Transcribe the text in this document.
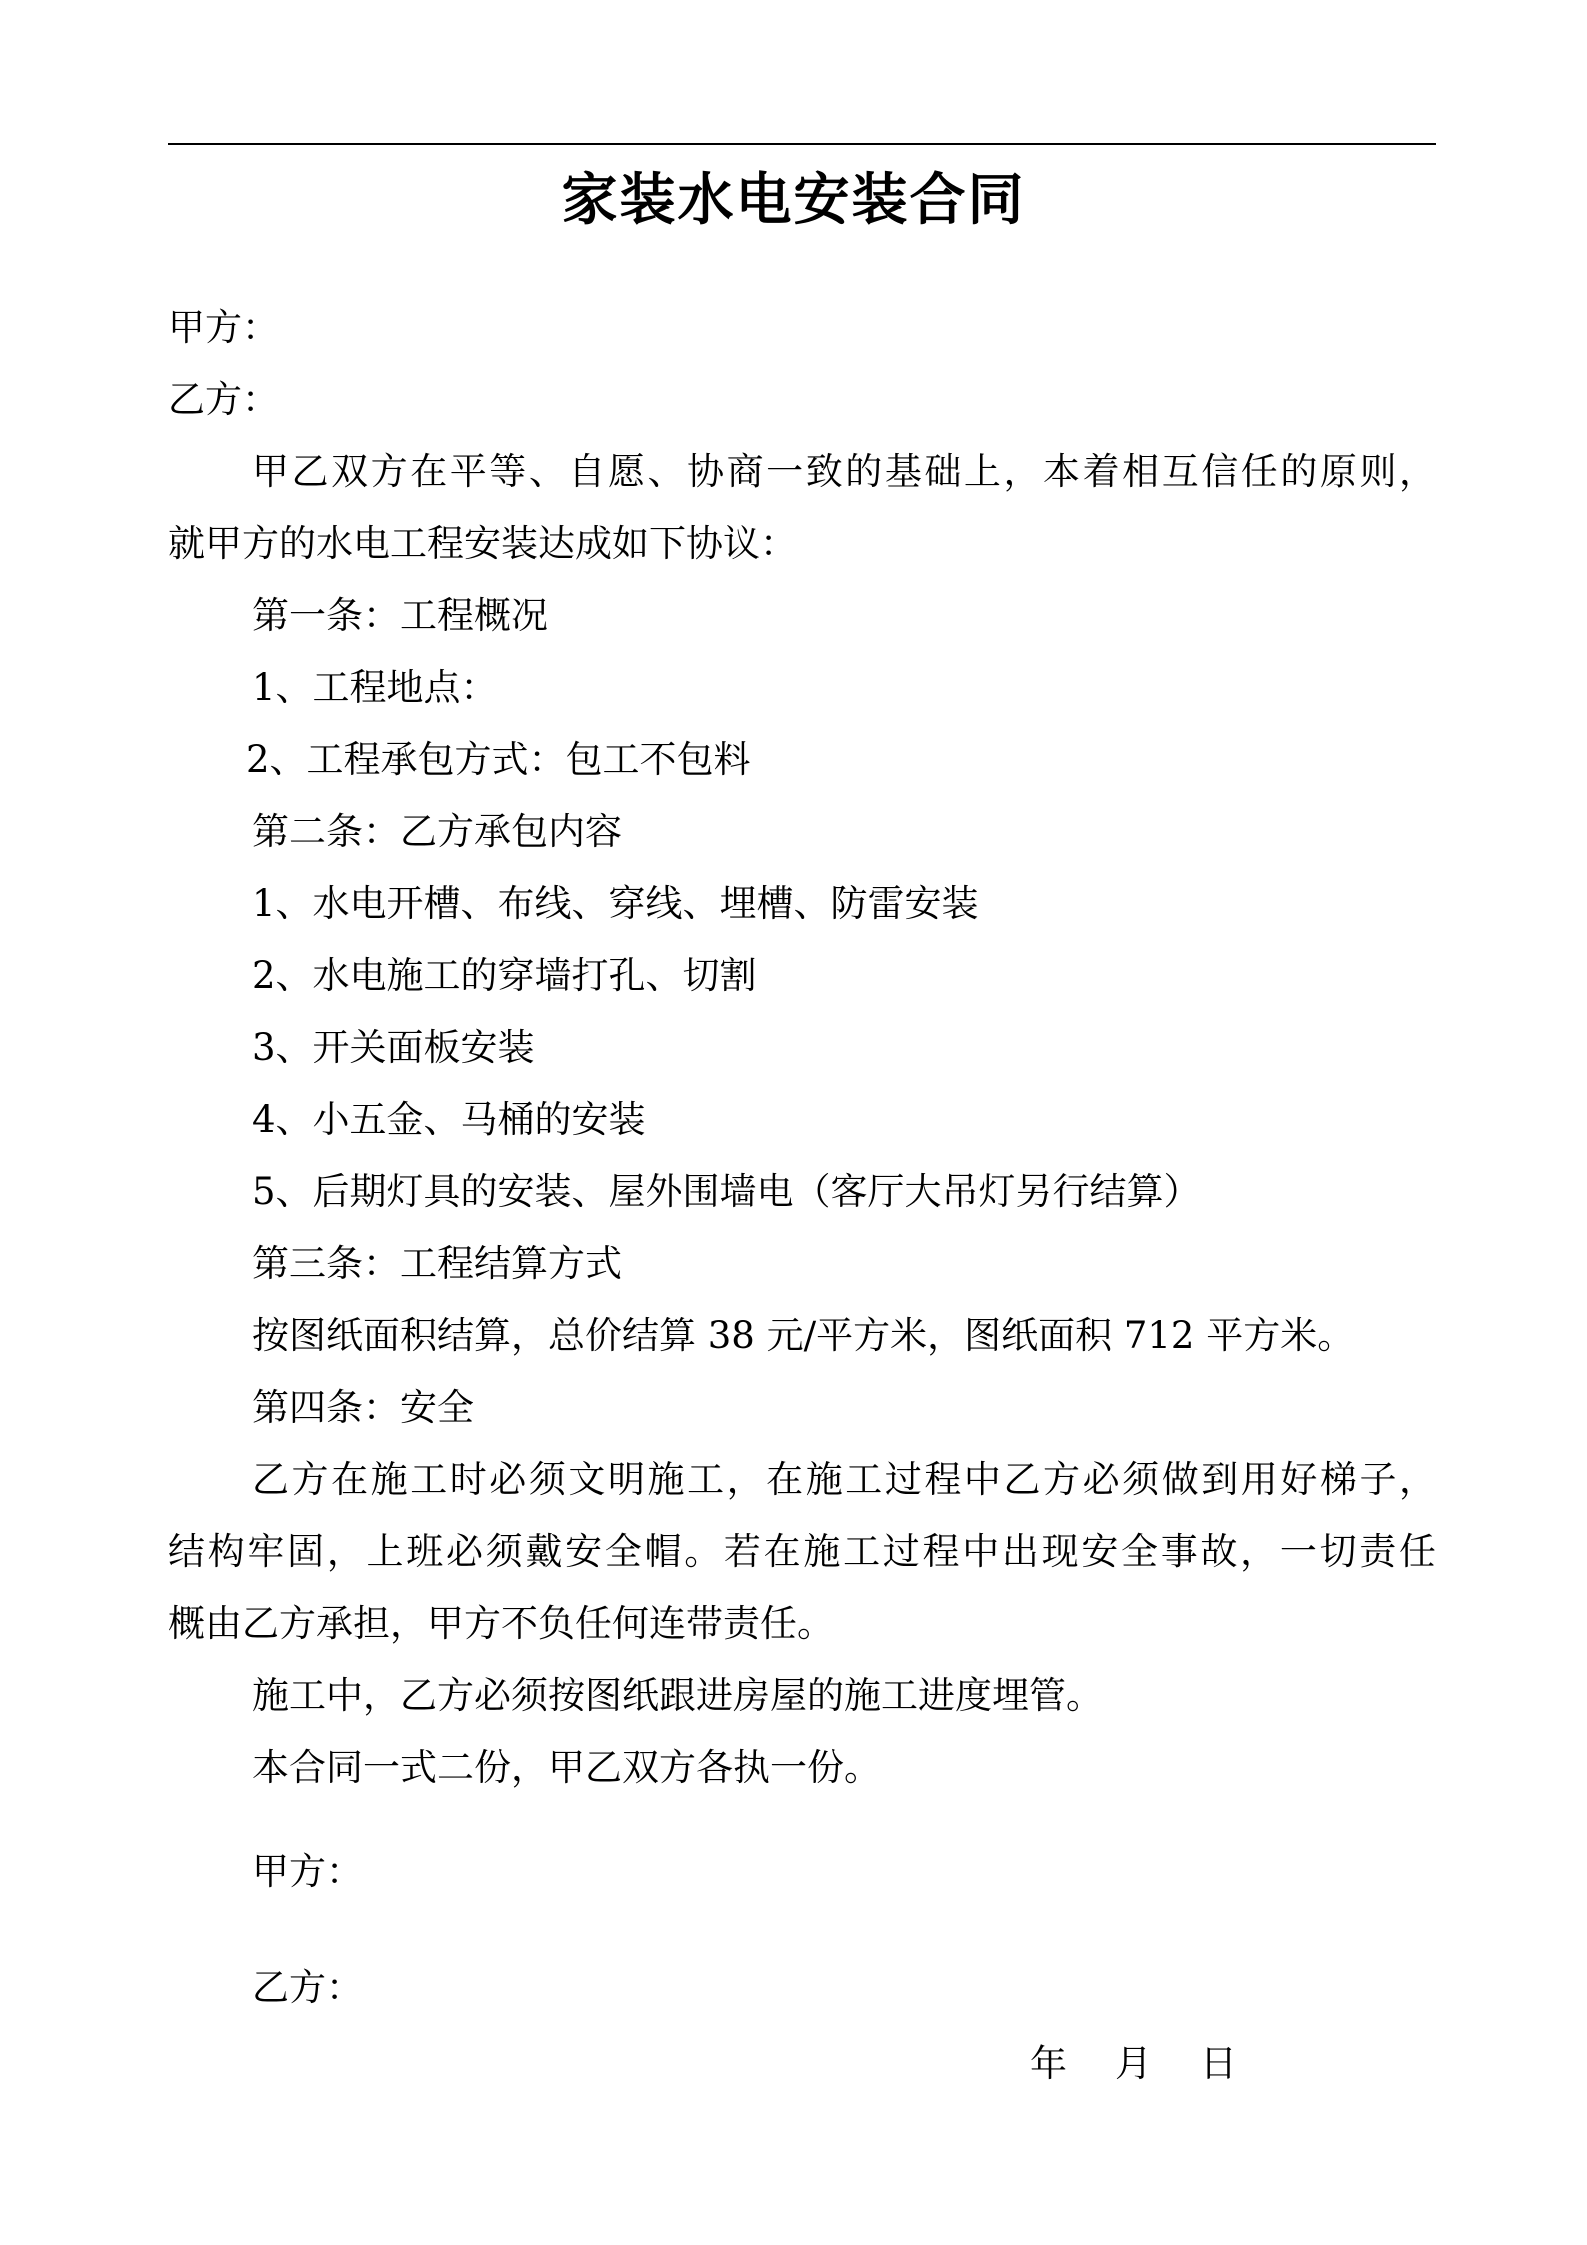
家装水电安装合同
甲方：
乙方：
甲乙双方在平等、自愿、协商一致的基础上，本着相互信任的原则，
就甲方的水电工程安装达成如下协议：
第一条：工程概况
1、工程地点：
2、工程承包方式：包工不包料
第二条：乙方承包内容
1、水电开槽、布线、穿线、埋槽、防雷安装
2、水电施工的穿墙打孔、切割
3、开关面板安装
4、小五金、马桶的安装
5、后期灯具的安装、屋外围墙电（客厅大吊灯另行结算）
第三条：工程结算方式
按图纸面积结算，总价结算 38 元/平方米，图纸面积 712 平方米。
第四条：安全
乙方在施工时必须文明施工，在施工过程中乙方必须做到用好梯子，
结构牢固，上班必须戴安全帽。若在施工过程中出现安全事故，一切责任
概由乙方承担，甲方不负任何连带责任。
施工中，乙方必须按图纸跟进房屋的施工进度埋管。
本合同一式二份，甲乙双方各执一份。
甲方：
乙方：
年 月 日
